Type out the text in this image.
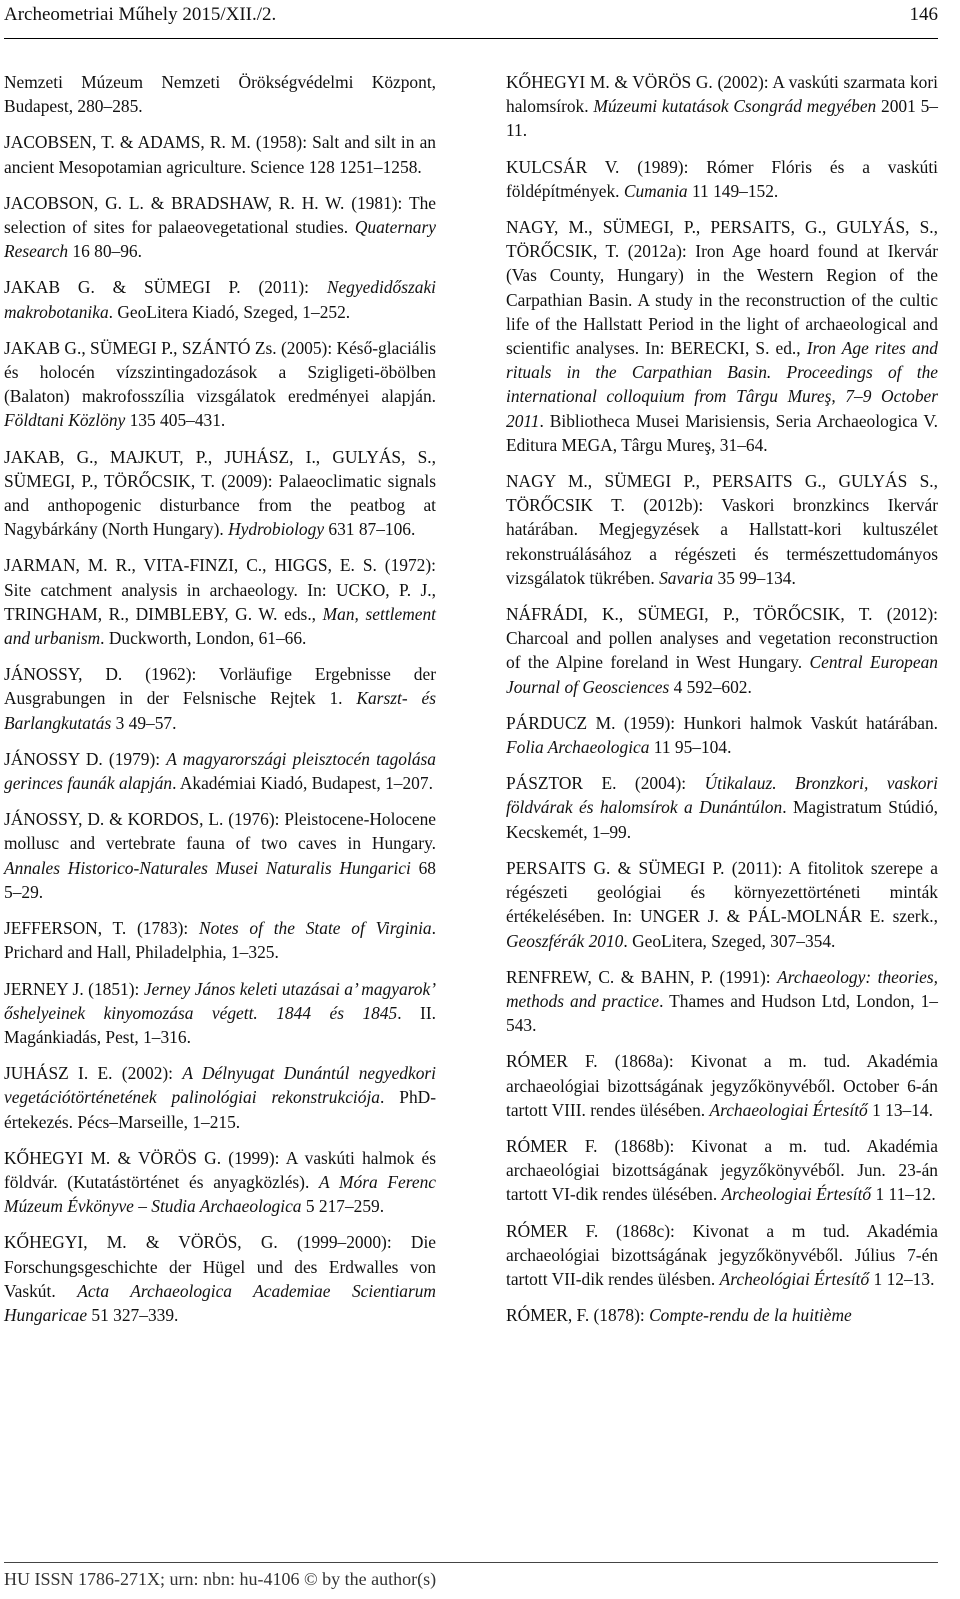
Archeometriai Műhely 2015/XII./2.	146

Nemzeti Múzeum Nemzeti Örökségvédelmi Központ, Budapest, 280–285.

JACOBSEN, T. & ADAMS, R. M. (1958): Salt and silt in an ancient Mesopotamian agriculture. Science 128 1251–1258.

JACOBSON, G. L. & BRADSHAW, R. H. W. (1981): The selection of sites for palaeovegetational studies. Quaternary Research 16 80–96.

JAKAB G. & SÜMEGI P. (2011): Negyedidőszaki makrobotanika. GeoLitera Kiadó, Szeged, 1–252.

JAKAB G., SÜMEGI P., SZÁNTÓ Zs. (2005): Késő-glaciális és holocén vízszintingadozások a Szigligeti-öbölben (Balaton) makrofosszília vizsgálatok eredményei alapján. Földtani Közlöny 135 405–431.

JAKAB, G., MAJKUT, P., JUHÁSZ, I., GULYÁS, S., SÜMEGI, P., TÖRŐCSIK, T. (2009): Palaeoclimatic signals and anthopogenic disturbance from the peatbog at Nagybárkány (North Hungary). Hydrobiology 631 87–106.

JARMAN, M. R., VITA-FINZI, C., HIGGS, E. S. (1972): Site catchment analysis in archaeology. In: UCKO, P. J., TRINGHAM, R., DIMBLEBY, G. W. eds., Man, settlement and urbanism. Duckworth, London, 61–66.

JÁNOSSY, D. (1962): Vorläufige Ergebnisse der Ausgrabungen in der Felsnische Rejtek 1. Karszt- és Barlangkutatás 3 49–57.

JÁNOSSY D. (1979): A magyarországi pleisztocén tagolása gerinces faunák alapján. Akadémiai Kiadó, Budapest, 1–207.

JÁNOSSY, D. & KORDOS, L. (1976): Pleistocene-Holocene mollusc and vertebrate fauna of two caves in Hungary. Annales Historico-Naturales Musei Naturalis Hungarici 68 5–29.

JEFFERSON, T. (1783): Notes of the State of Virginia. Prichard and Hall, Philadelphia, 1–325.

JERNEY J. (1851): Jerney János keleti utazásai a’ magyarok’ őshelyeinek kinyomozása végett. 1844 és 1845. II. Magánkiadás, Pest, 1–316.

JUHÁSZ I. E. (2002): A Délnyugat Dunántúl negyedkori vegetációtörténetének palinológiai rekonstrukciója. PhD-értekezés. Pécs–Marseille, 1–215.

KŐHEGYI M. & VÖRÖS G. (1999): A vaskúti halmok és földvár. (Kutatástörténet és anyagközlés). A Móra Ferenc Múzeum Évkönyve – Studia Archaeologica 5 217–259.

KŐHEGYI, M. & VÖRÖS, G. (1999–2000): Die Forschungsgeschichte der Hügel und des Erdwalles von Vaskút. Acta Archaeologica Academiae Scientiarum Hungaricae 51 327–339.

KŐHEGYI M. & VÖRÖS G. (2002): A vaskúti szarmata kori halomsírok. Múzeumi kutatások Csongrád megyében 2001 5–11.

KULCSÁR V. (1989): Rómer Flóris és a vaskúti földépítmények. Cumania 11 149–152.

NAGY, M., SÜMEGI, P., PERSAITS, G., GULYÁS, S., TÖRŐCSIK, T. (2012a): Iron Age hoard found at Ikervár (Vas County, Hungary) in the Western Region of the Carpathian Basin. A study in the reconstruction of the cultic life of the Hallstatt Period in the light of archaeological and scientific analyses. In: BERECKI, S. ed., Iron Age rites and rituals in the Carpathian Basin. Proceedings of the international colloquium from Târgu Mureş, 7–9 October 2011. Bibliotheca Musei Marisiensis, Seria Archaeologica V. Editura MEGA, Târgu Mureş, 31–64.

NAGY M., SÜMEGI P., PERSAITS G., GULYÁS S., TÖRŐCSIK T. (2012b): Vaskori bronzkincs Ikervár határában. Megjegyzések a Hallstatt-kori kultuszélet rekonstruálásához a régészeti és természettudományos vizsgálatok tükrében. Savaria 35 99–134.

NÁFRÁDI, K., SÜMEGI, P., TÖRŐCSIK, T. (2012): Charcoal and pollen analyses and vegetation reconstruction of the Alpine foreland in West Hungary. Central European Journal of Geosciences 4 592–602.

PÁRDUCZ M. (1959): Hunkori halmok Vaskút határában. Folia Archaeologica 11 95–104.

PÁSZTOR E. (2004): Útikalauz. Bronzkori, vaskori földvárak és halomsírok a Dunántúlon. Magistratum Stúdió, Kecskemét, 1–99.

PERSAITS G. & SÜMEGI P. (2011): A fitolitok szerepe a régészeti geológiai és környezettörténeti minták értékelésében. In: UNGER J. & PÁL-MOLNÁR E. szerk., Geoszférák 2010. GeoLitera, Szeged, 307–354.

RENFREW, C. & BAHN, P. (1991): Archaeology: theories, methods and practice. Thames and Hudson Ltd, London, 1–543.

RÓMER F. (1868a): Kivonat a m. tud. Akadémia archaeológiai bizottságának jegyzőkönyvéből. October 6-án tartott VIII. rendes ülésében. Archaeologiai Értesítő 1 13–14.

RÓMER F. (1868b): Kivonat a m. tud. Akadémia archaeológiai bizottságának jegyzőkönyvéből. Jun. 23-án tartott VI-dik rendes ülésében. Archeologiai Értesítő 1 11–12.

RÓMER F. (1868c): Kivonat a m tud. Akadémia archaeológiai bizottságának jegyzőkönyvéből. Július 7-én tartott VII-dik rendes ülésben. Archeológiai Értesítő 1 12–13.

RÓMER, F. (1878): Compte-rendu de la huitième

HU ISSN 1786-271X; urn: nbn: hu-4106 © by the author(s)
